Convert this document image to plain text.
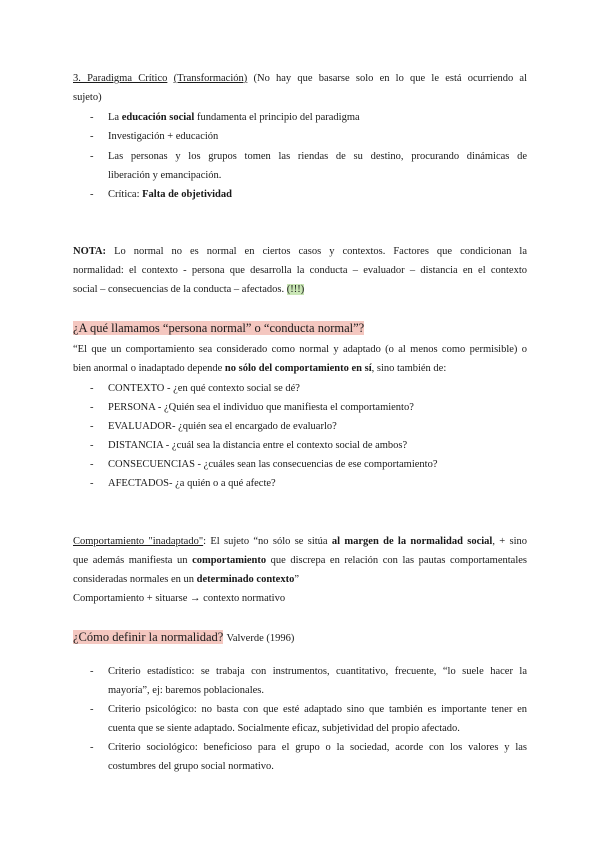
3. Paradigma Crítico (Transformación) (No hay que basarse solo en lo que le está ocurriendo al
sujeto)
- La educación social fundamenta el principio del paradigma
- Investigación + educación
- Las personas y los grupos tomen las riendas de su destino, procurando dinámicas de
liberación y emancipación.
- Crítica: Falta de objetividad
NOTA: Lo normal no es normal en ciertos casos y contextos. Factores que condicionan la
normalidad: el contexto - persona que desarrolla la conducta – evaluador – distancia en el contexto
social – consecuencias de la conducta – afectados. (!!!)
¿A qué llamamos “persona normal” o “conducta normal”?
“El que un comportamiento sea considerado como normal y adaptado (o al menos como permisible) o
bien anormal o inadaptado depende no sólo del comportamiento en sí, sino también de:
- CONTEXTO - ¿en qué contexto social se dé?
- PERSONA - ¿Quién sea el individuo que manifiesta el comportamiento?
- EVALUADOR- ¿quién sea el encargado de evaluarlo?
- DISTANCIA - ¿cuál sea la distancia entre el contexto social de ambos?
- CONSECUENCIAS - ¿cuáles sean las consecuencias de ese comportamiento?
- AFECTADOS- ¿a quién o a qué afecte?
Comportamiento "inadaptado": El sujeto “no sólo se sitúa al margen de la normalidad social, + sino
que además manifiesta un comportamiento que discrepa en relación con las pautas comportamentales
consideradas normales en un determinado contexto”
Comportamiento + situarse → contexto normativo
¿Cómo definir la normalidad? Valverde (1996)
- Criterio estadístico: se trabaja con instrumentos, cuantitativo, frecuente, “lo suele hacer la
mayoría”, ej: baremos poblacionales.
- Criterio psicológico: no basta con que esté adaptado sino que también es importante tener en
cuenta que se siente adaptado. Socialmente eficaz, subjetividad del propio afectado.
- Criterio sociológico: beneficioso para el grupo o la sociedad, acorde con los valores y las
costumbres del grupo social normativo.
